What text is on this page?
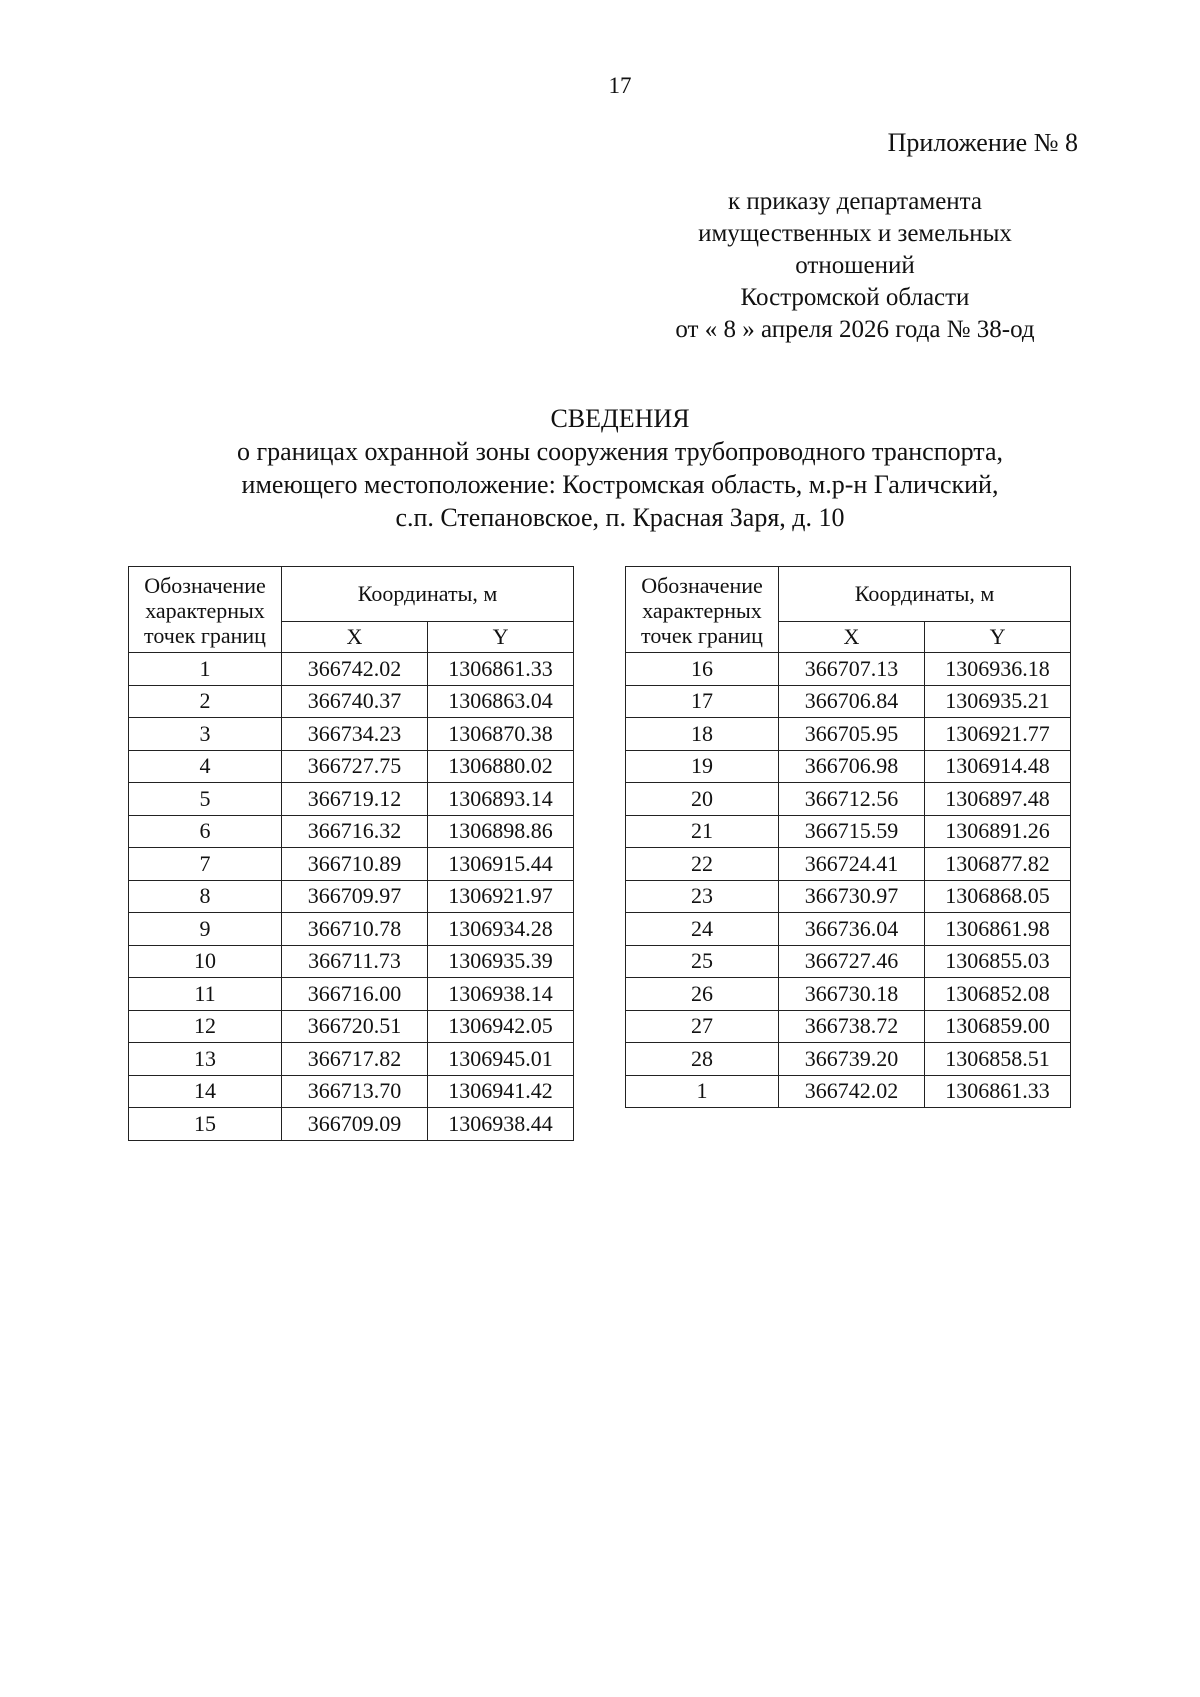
17
Приложение № 8
к приказу департамента
имущественных и земельных
отношений
Костромской области
от « 8 » апреля 2026 года № 38-од
СВЕДЕНИЯ
о границах охранной зоны сооружения трубопроводного транспорта,
имеющего местоположение: Костромская область, м.р-н Галичский,
с.п. Степановское, п. Красная Заря, д. 10
Обозначение
характерных
точек границ	Координаты, м	
	X	Y
1	366742.02	1306861.33
2	366740.37	1306863.04
3	366734.23	1306870.38
4	366727.75	1306880.02
5	366719.12	1306893.14
6	366716.32	1306898.86
7	366710.89	1306915.44
8	366709.97	1306921.97
9	366710.78	1306934.28
10	366711.73	1306935.39
11	366716.00	1306938.14
12	366720.51	1306942.05
13	366717.82	1306945.01
14	366713.70	1306941.42
15	366709.09	1306938.44
Обозначение
характерных
точек границ	Координаты, м	
	X	Y
16	366707.13	1306936.18
17	366706.84	1306935.21
18	366705.95	1306921.77
19	366706.98	1306914.48
20	366712.56	1306897.48
21	366715.59	1306891.26
22	366724.41	1306877.82
23	366730.97	1306868.05
24	366736.04	1306861.98
25	366727.46	1306855.03
26	366730.18	1306852.08
27	366738.72	1306859.00
28	366739.20	1306858.51
1	366742.02	1306861.33
